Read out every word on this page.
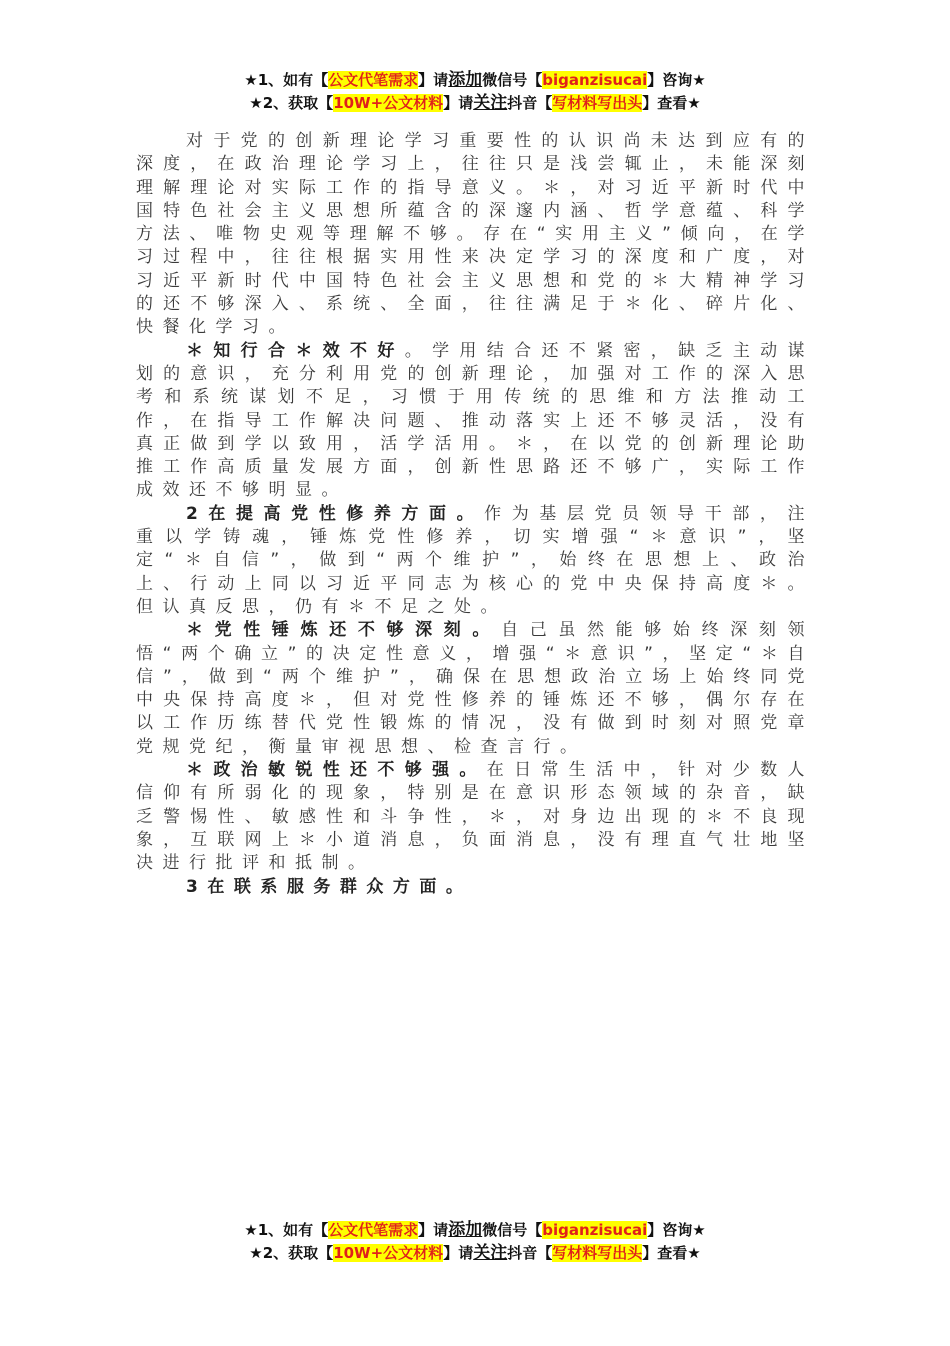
★1、如有【公文代笔需求】请添加微信号【biganzisucai】咨询★
★2、获取【10W+公文材料】请关注抖音【写材料写出头】查看★

对于党的创新理论学习重要性的认识尚未达到应有的深度，在政治理论学习上，往往只是浅尝辄止，未能深刻理解理论对实际工作的指导意义。＊，对习近平新时代中国特色社会主义思想所蕴含的深邃内涵、哲学意蕴、科学方法、唯物史观等理解不够。存在“实用主义”倾向，在学习过程中，往往根据实用性来决定学习的深度和广度，对习近平新时代中国特色社会主义思想和党的＊大精神学习的还不够深入、系统、全面，往往满足于＊化、碎片化、快餐化学习。

＊知行合＊效不好。学用结合还不紧密，缺乏主动谋划的意识，充分利用党的创新理论，加强对工作的深入思考和系统谋划不足，习惯于用传统的思维和方法推动工作，在指导工作解决问题、推动落实上还不够灵活，没有真正做到学以致用，活学活用。＊，在以党的创新理论助推工作高质量发展方面，创新性思路还不够广，实际工作成效还不够明显。

2在提高党性修养方面。作为基层党员领导干部，注重以学铸魂，锤炼党性修养，切实增强“＊意识”，坚定“＊自信”，做到“两个维护”，始终在思想上、政治上、行动上同以习近平同志为核心的党中央保持高度＊。但认真反思，仍有＊不足之处。

＊党性锤炼还不够深刻。自己虽然能够始终深刻领悟“两个确立”的决定性意义，增强“＊意识”，坚定“＊自信”，做到“两个维护”，确保在思想政治立场上始终同党中央保持高度＊，但对党性修养的锤炼还不够，偶尔存在以工作历练替代党性锻炼的情况，没有做到时刻对照党章党规党纪，衡量审视思想、检查言行。

＊政治敏锐性还不够强。在日常生活中，针对少数人信仰有所弱化的现象，特别是在意识形态领域的杂音，缺乏警惕性、敏感性和斗争性，＊，对身边出现的＊不良现象，互联网上＊小道消息，负面消息，没有理直气壮地坚决进行批评和抵制。

3在联系服务群众方面。

★1、如有【公文代笔需求】请添加微信号【biganzisucai】咨询★
★2、获取【10W+公文材料】请关注抖音【写材料写出头】查看★
